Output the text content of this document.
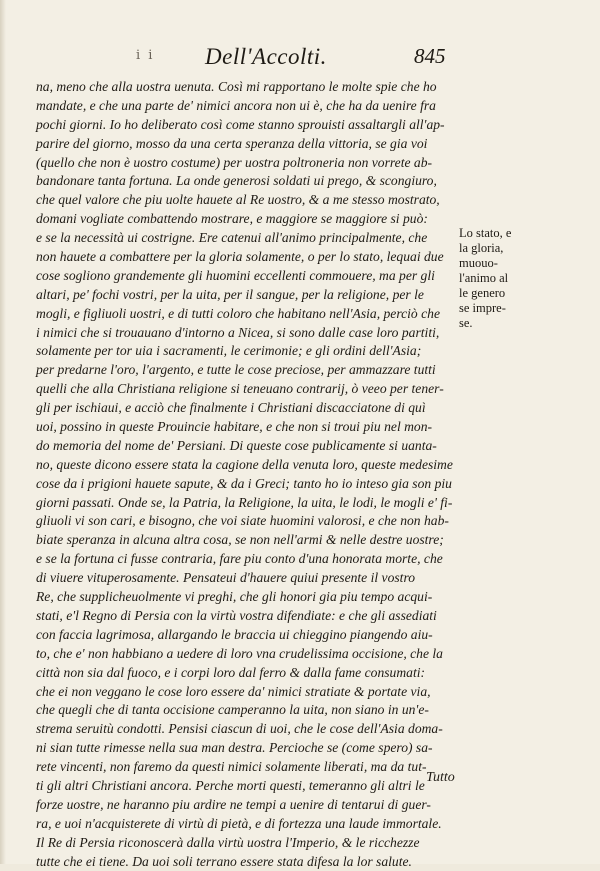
i i Dell'Accolti.	845
na, meno che alla uostra uenuta. Così mi rapportano le molte spie che ho
mandate, e che una parte de' nimici ancora non ui è, che ha da uenire fra
pochi giorni. Io ho deliberato così come stanno sprouisti assaltargli all'ap-
parire del giorno, mosso da una certa speranza della vittoria, se gia voi
(quello che non è uostro costume) per uostra poltroneria non vorrete ab-
bandonare tanta fortuna. La onde generosi soldati ui prego, & scongiuro,
che quel valore che piu uolte hauete al Re uostro, & a me stesso mostrato,
domani vogliate combattendo mostrare, e maggiore se maggiore si può:
e se la necessità ui costrigne. Ere catenui all'animo principalmente, che
non hauete a combattere per la gloria solamente, o per lo stato, lequai due
cose sogliono grandemente gli huomini eccellenti commouere, ma per gli
altari, pe' fochi vostri, per la uita, per il sangue, per la religione, per le
mogli, e figliuoli uostri, e di tutti coloro che habitano nell'Asia, perciò che
i nimici che si trouauano d'intorno a Nicea, si sono dalle case loro partiti,
solamente per tor uia i sacramenti, le cerimonie; e gli ordini dell'Asia;
per predarne l'oro, l'argento, e tutte le cose preciose, per ammazzare tutti
quelli che alla Christiana religione si teneuano contrarij, ò veeo per tener-
gli per ischiaui, e acciò che finalmente i Christiani discacciatone di quì
uoi, possino in queste Prouincie habitare, e che non si troui piu nel mon-
do memoria del nome de' Persiani. Di queste cose publicamente si uanta-
no, queste dicono essere stata la cagione della venuta loro, queste medesime
cose da i prigioni hauete sapute, & da i Greci; tanto ho io inteso gia son piu
giorni passati. Onde se, la Patria, la Religione, la uita, le lodi, le mogli e' fi-
gliuoli vi son cari, e bisogno, che voi siate huomini valorosi, e che non hab-
biate speranza in alcuna altra cosa, se non nell'armi & nelle destre uostre;
e se la fortuna ci fusse contraria, fare piu conto d'una honorata morte, che
di viuere vituperosamente. Pensateui d'hauere quiui presente il vostro
Re, che supplicheuolmente vi preghi, che gli honori gia piu tempo acqui-
stati, e'l Regno di Persia con la virtù vostra difendiate: e che gli assediati
con faccia lagrimosa, allargando le braccia ui chieggino piangendo aiu-
to, che e' non habbiano a uedere di loro vna crudelissima occisione, che la
città non sia dal fuoco, e i corpi loro dal ferro & dalla fame consumati:
che ei non veggano le cose loro essere da' nimici stratiate & portate via,
che quegli che di tanta occisione camperanno la uita, non siano in un'e-
strema seruitù condotti. Pensisi ciascun di uoi, che le cose dell'Asia doma-
ni sian tutte rimesse nella sua man destra. Percioche se (come spero) sa-
rete vincenti, non faremo da questi nimici solamente liberati, ma da tut-
ti gli altri Christiani ancora. Perche morti questi, temeranno gli altri le
forze uostre, ne haranno piu ardire ne tempi a uenire di tentarui di guer-
ra, e uoi n'acquisterete di virtù di pietà, e di fortezza una laude immortale.
Il Re di Persia riconoscerà dalla virtù uostra l'Imperio, & le ricchezze
tutte che ei tiene. Da uoi soli terrano essere stata difesa la lor salute.
Lo stato, e
la gloria,
muouo-
l'animo al
le genero
se impre-
se.
Tutto
